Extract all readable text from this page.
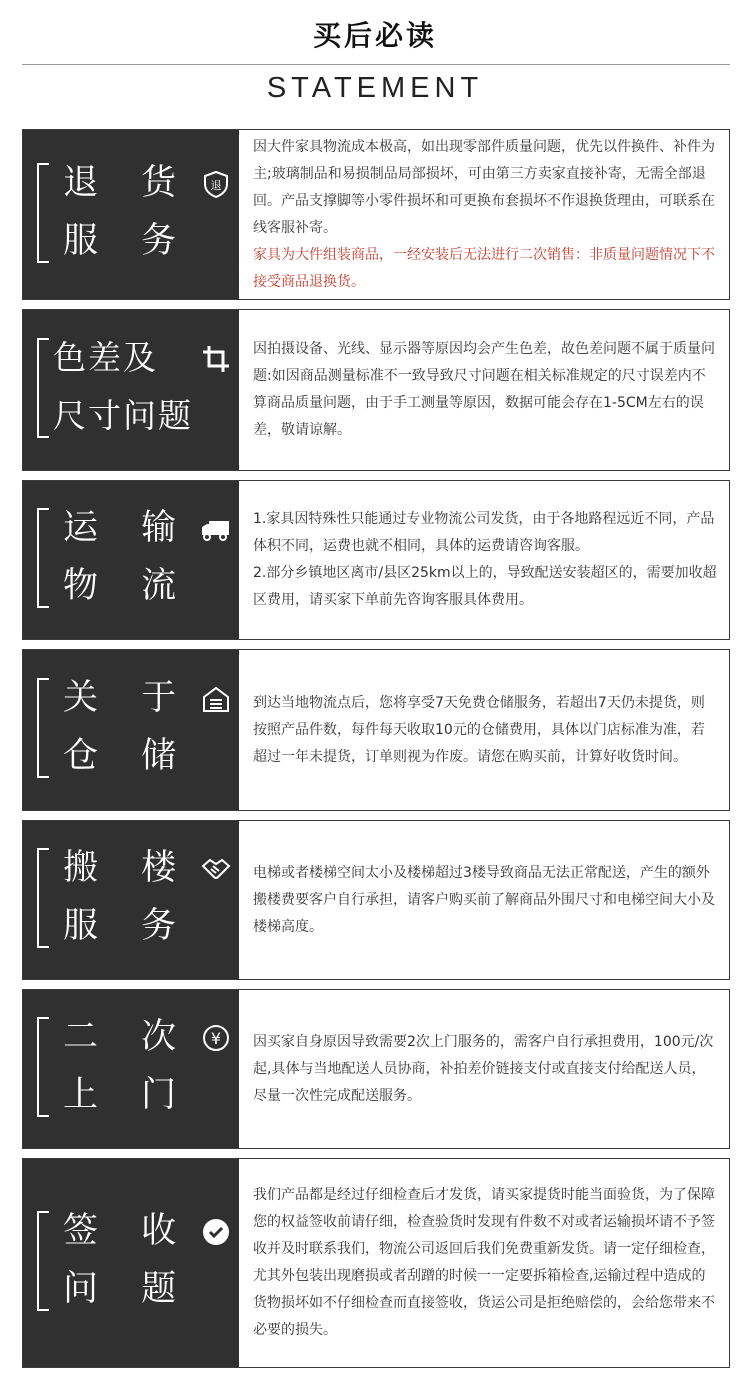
买后必读
STATEMENT
退 货
服 务
退

因大件家具物流成本极高，如出现零部件质量问题，优先以件换件、补件为主;玻璃制品和易损制品局部损坏，可由第三方卖家直接补寄，无需全部退回。产品支撑脚等小零件损坏和可更换布套损坏不作退换货理由，可联系在线客服补寄。

家具为大件组装商品，一经安装后无法进行二次销售：非质量问题情况下不接受商品退换货。

色差及
尺寸问题

因拍摄设备、光线、显示器等原因均会产生色差，故色差问题不属于质量问题:如因商品测量标准不一致导致尺寸问题在相关标准规定的尺寸误差内不算商品质量问题，由于手工测量等原因，数据可能会存在1-5CM左右的误差，敬请谅解。

运 输
物 流

1.家具因特殊性只能通过专业物流公司发货，由于各地路程远近不同，产品体积不同，运费也就不相同，具体的运费请咨询客服。

2.部分乡镇地区离市/县区25km以上的，导致配送安装超区的，需要加收超区费用，请买家下单前先咨询客服具体费用。

关 于
仓 储

到达当地物流点后，您将享受7天免费仓储服务，若超出7天仍未提货，则按照产品件数，每件每天收取10元的仓储费用，具体以门店标准为准，若超过一年未提货，订单则视为作废。请您在购买前，计算好收货时间。

搬 楼
服 务

电梯或者楼梯空间太小及楼梯超过3楼导致商品无法正常配送，产生的额外搬楼费要客户自行承担，请客户购买前了解商品外围尺寸和电梯空间大小及楼梯高度。

二 次
上 门
¥ 因买家自身原因导致需要2次上门服务的，需客户自行承担费用，100元/次起,具体与当地配送人员协商，补拍差价链接支付或直接支付给配送人员，尽量一次性完成配送服务。

签 收
问 题

我们产品都是经过仔细检查后才发货，请买家提货时能当面验货，为了保障您的权益签收前请仔细，检查验货时发现有件数不对或者运输损坏请不予签收并及时联系我们，物流公司返回后我们免费重新发货。请一定仔细检查，尤其外包装出现磨损或者刮蹭的时候一一定要拆箱检查,运输过程中造成的货物损坏如不仔细检查而直接签收，货运公司是拒绝赔偿的，会给您带来不必要的损失。
